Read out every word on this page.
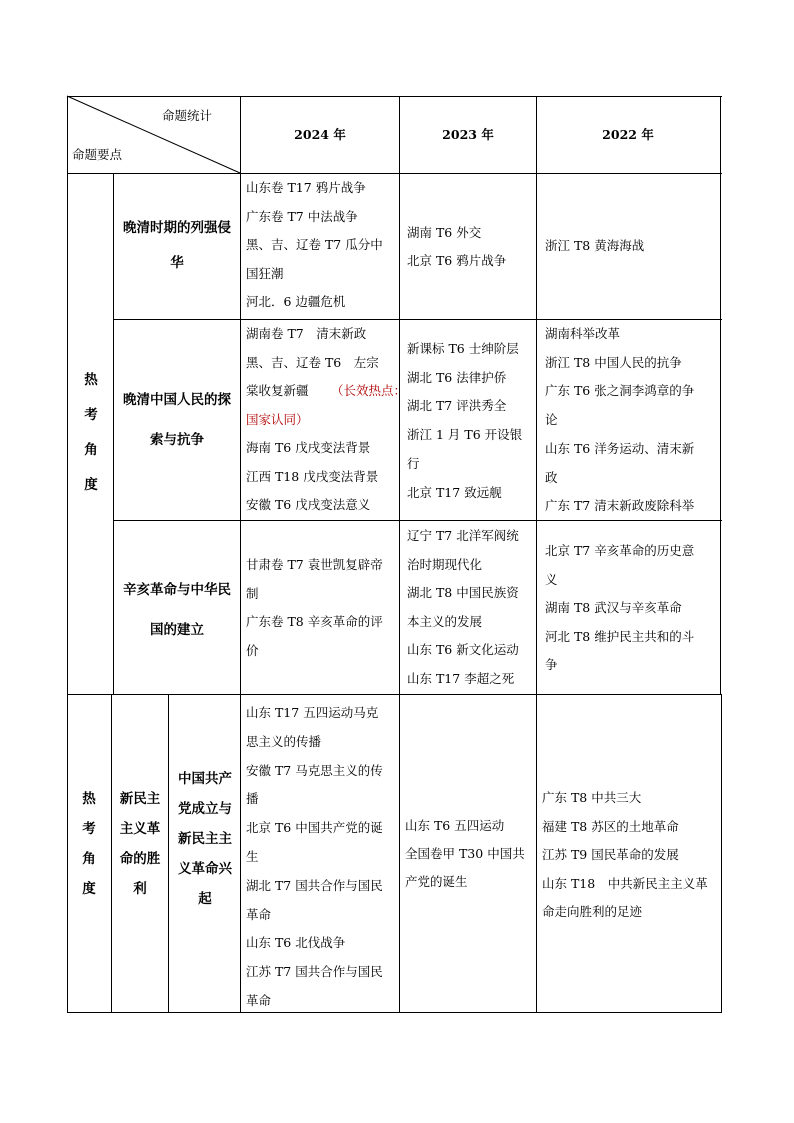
命题统计
命题要点
2024 年	2023 年	2022 年
热
考
角
度
晚清时期的列强侵
华
山东卷 T17 鸦片战争
广东卷 T7 中法战争
黑、吉、辽卷 T7 瓜分中
国狂潮
河北．6 边疆危机
湖南 T6 外交
北京 T6 鸦片战争
浙江 T8 黄海海战
晚清中国人民的探
索与抗争
湖南卷 T7　清末新政
黑、吉、辽卷 T6　左宗
棠收复新疆 （长效热点：
国家认同）
海南 T6 戊戌变法背景
江西 T18 戊戌变法背景
安徽 T6 戊戌变法意义
新课标 T6 士绅阶层
湖北 T6 法律护侨
湖北 T7 评洪秀全
浙江 1 月 T6 开设银
行
北京 T17 致远舰
湖南科举改革
浙江 T8 中国人民的抗争
广东 T6 张之洞李鸿章的争
论
山东 T6 洋务运动、清末新
政
广东 T7 清末新政废除科举
辛亥革命与中华民
国的建立
甘肃卷 T7 袁世凯复辟帝
制
广东卷 T8 辛亥革命的评
价
辽宁 T7 北洋军阀统
治时期现代化
湖北 T8 中国民族资
本主义的发展
山东 T6 新文化运动
山东 T17 李超之死
北京 T7 辛亥革命的历史意
义
湖南 T8 武汉与辛亥革命
河北 T8 维护民主共和的斗
争
热
考
角
度
新民主
主义革
命的胜
利
中国共产
党成立与
新民主主
义革命兴
起
山东 T17 五四运动马克
思主义的传播
安徽 T7 马克思主义的传
播
北京 T6 中国共产党的诞
生
湖北 T7 国共合作与国民
革命
山东 T6 北伐战争
江苏 T7 国共合作与国民
革命
山东 T6 五四运动
全国卷甲 T30 中国共
产党的诞生
广东 T8 中共三大
福建 T8 苏区的土地革命
江苏 T9 国民革命的发展
山东 T18　中共新民主主义革
命走向胜利的足迹
